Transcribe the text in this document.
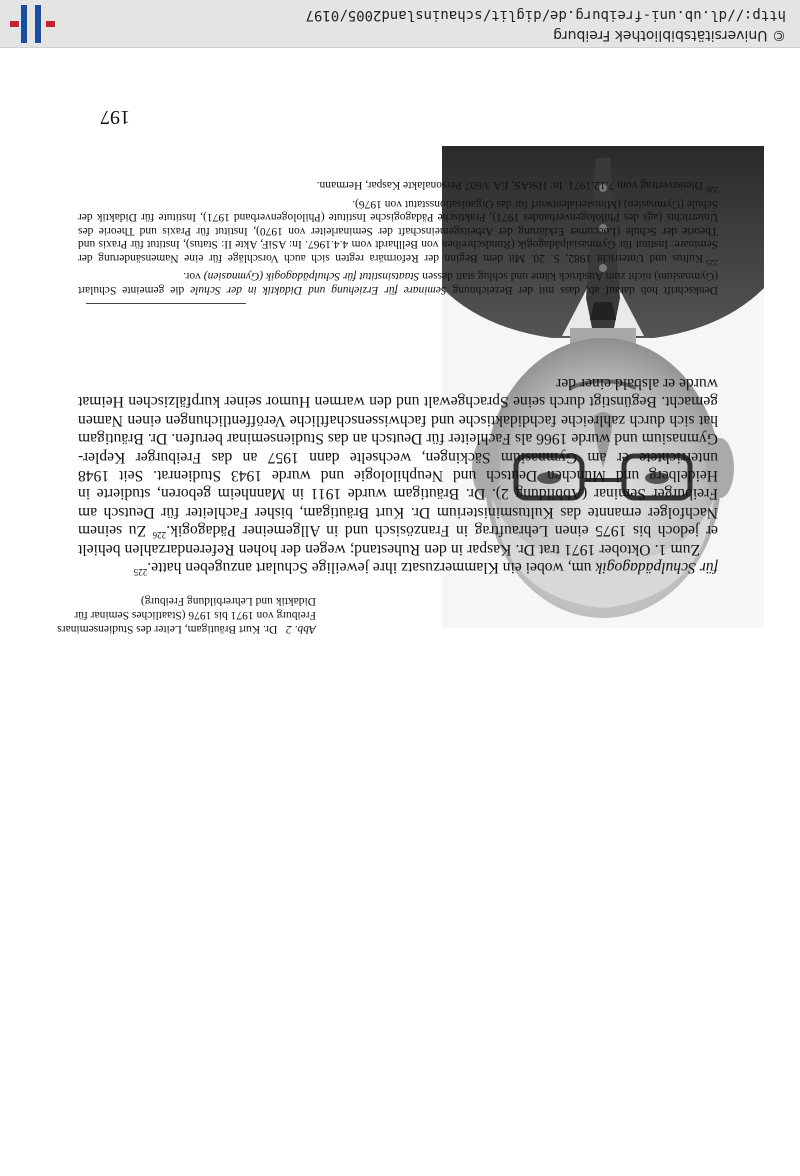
197
Abb. 2   Dr. Kurt Bräutigam, Leiter des Studienseminars Freiburg von 1971 bis 1976 (Staatliches Seminar für Didaktik und Lehrerbildung Freiburg)

für Schulpädagogik um, wobei ein Klammerzusatz ihre jeweilige Schulart anzugeben hatte.$^{225}$

Zum 1. Oktober 1971 trat Dr. Kaspar in den Ruhestand; wegen der hohen Referendarzahlen behielt er jedoch bis 1975 einen Lehrauftrag in Französisch und in Allgemeiner Pädagogik.$^{226}$ Zu seinem Nachfolger ernannte das Kultusministerium Dr. Kurt Bräutigam, bisher Fachleiter für Deutsch am Freiburger Seminar (Abbildung 2). Dr. Bräutigam wurde 1911 in Mannheim geboren, studierte in Heidelberg und München Deutsch und Neuphilologie und wurde 1943 Studienrat. Seit 1948 unterrichtete er am Gymnasium Säckingen, wechselte dann 1957 an das Freiburger Kepler-Gymnasium und wurde 1966 als Fachleiter für Deutsch an das Studienseminar berufen. Dr. Bräutigam hat sich durch zahlreiche fachdidaktische und fachwissenschaftliche Veröffentlichungen einen Namen gemacht. Begünstigt durch seine Sprachgewalt und den warmen Humor seiner kurpfälzischen Heimat wurde er alsbald einer der

Denkschrift hob darauf ab, dass mit der Bezeichnung Seminare für Erziehung und Didaktik in der Schule die gemeinte Schulart (Gymnasium) nicht zum Ausdruck käme und schlug statt dessen Staatsinstitut für Schulpädagogik (Gymnasien) vor.

$^{225}$Kultus und Unterricht 1982, S. 20. Mit dem Beginn der Reformära regten sich auch Vorschläge für eine Namensänderung der Seminare: Institut für Gymnasialpädagogik (Rundschreiben von Bellhardt vom 4.4.1967. In: ASiF, Akte II: Status), Institut für Praxis und Theorie der Schule (Loccumer Erklärung der Arbeitsgemeinschaft der Seminarleiter von 1970), Institut für Praxis und Theorie des Unterrichts (ags des Philologenverbandes 1971), Praktische Pädagogische Institute (Philologenverband 1971), Institute für Didaktik der Schule (Gymnasien) (Ministerialentwurf für das Organisationsstatut von 1976).

$^{226}$Dienstvertrag vom 7.12.1971. In: HStAS, EA 3/607 Personalakte Kaspar, Hermann.

© Universitätsbibliothek Freiburg
http://dl.ub.uni-freiburg.de/diglit/schauinsland2005/0197
